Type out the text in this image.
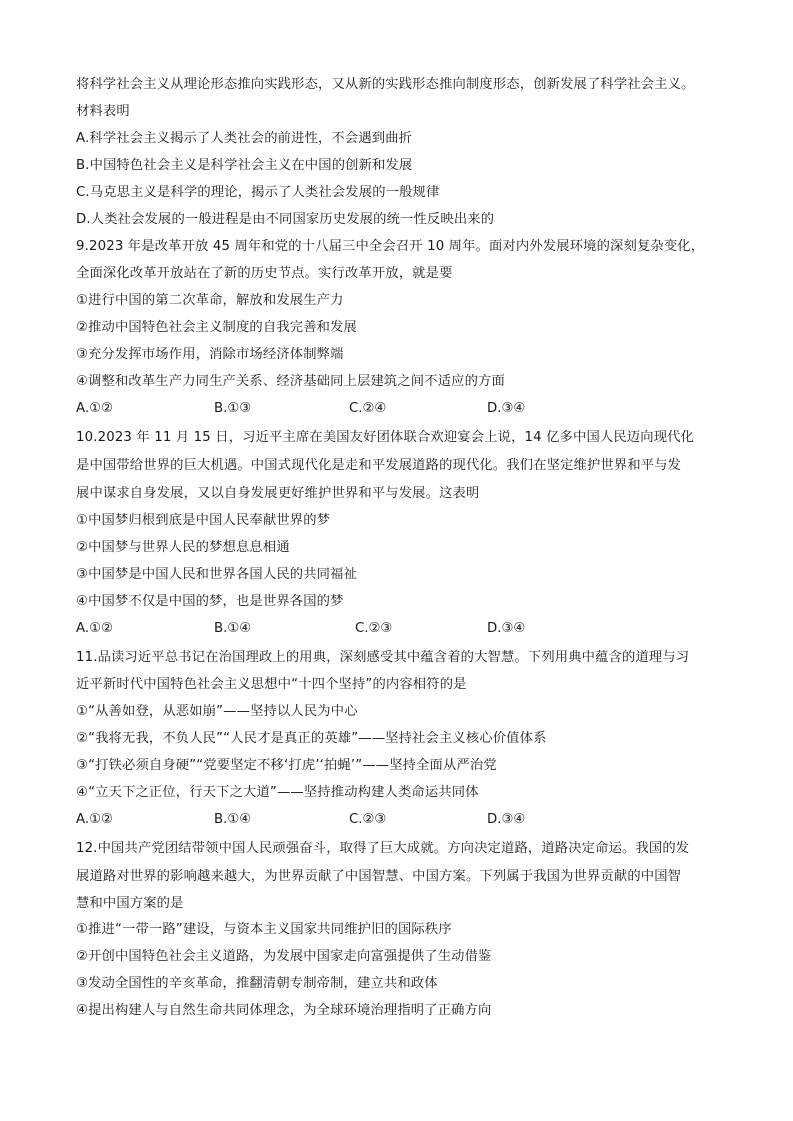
将科学社会主义从理论形态推向实践形态，又从新的实践形态推向制度形态，创新发展了科学社会主义。
材料表明
A.科学社会主义揭示了人类社会的前进性，不会遇到曲折
B.中国特色社会主义是科学社会主义在中国的创新和发展
C.马克思主义是科学的理论，揭示了人类社会发展的一般规律
D.人类社会发展的一般进程是由不同国家历史发展的统一性反映出来的
9.2023 年是改革开放 45 周年和党的十八届三中全会召开 10 周年。面对内外发展环境的深刻复杂变化，
全面深化改革开放站在了新的历史节点。实行改革开放，就是要
①进行中国的第二次革命，解放和发展生产力
②推动中国特色社会主义制度的自我完善和发展
③充分发挥市场作用，消除市场经济体制弊端
④调整和改革生产力同生产关系、经济基础同上层建筑之间不适应的方面
A.①②	B.①③	C.②④	D.③④
10.2023 年 11 月 15 日，习近平主席在美国友好团体联合欢迎宴会上说，14 亿多中国人民迈向现代化
是中国带给世界的巨大机遇。中国式现代化是走和平发展道路的现代化。我们在坚定维护世界和平与发
展中谋求自身发展，又以自身发展更好维护世界和平与发展。这表明
①中国梦归根到底是中国人民奉献世界的梦
②中国梦与世界人民的梦想息息相通
③中国梦是中国人民和世界各国人民的共同福祉
④中国梦不仅是中国的梦，也是世界各国的梦
A.①②	B.①④	C.②③	D.③④
11.品读习近平总书记在治国理政上的用典，深刻感受其中蕴含着的大智慧。下列用典中蕴含的道理与习
近平新时代中国特色社会主义思想中“十四个坚持”的内容相符的是
①“从善如登，从恶如崩”——坚持以人民为中心
②“我将无我，不负人民”“人民才是真正的英雄”——坚持社会主义核心价值体系
③“打铁必须自身硬”“党要坚定不移‘打虎’‘拍蝇’”——坚持全面从严治党
④“立天下之正位，行天下之大道”——坚持推动构建人类命运共同体
A.①②	B.①④	C.②③	D.③④
12.中国共产党团结带领中国人民顽强奋斗，取得了巨大成就。方向决定道路，道路决定命运。我国的发
展道路对世界的影响越来越大，为世界贡献了中国智慧、中国方案。下列属于我国为世界贡献的中国智
慧和中国方案的是
①推进“一带一路”建设，与资本主义国家共同维护旧的国际秩序
②开创中国特色社会主义道路，为发展中国家走向富强提供了生动借鉴
③发动全国性的辛亥革命，推翻清朝专制帝制，建立共和政体
④提出构建人与自然生命共同体理念，为全球环境治理指明了正确方向
